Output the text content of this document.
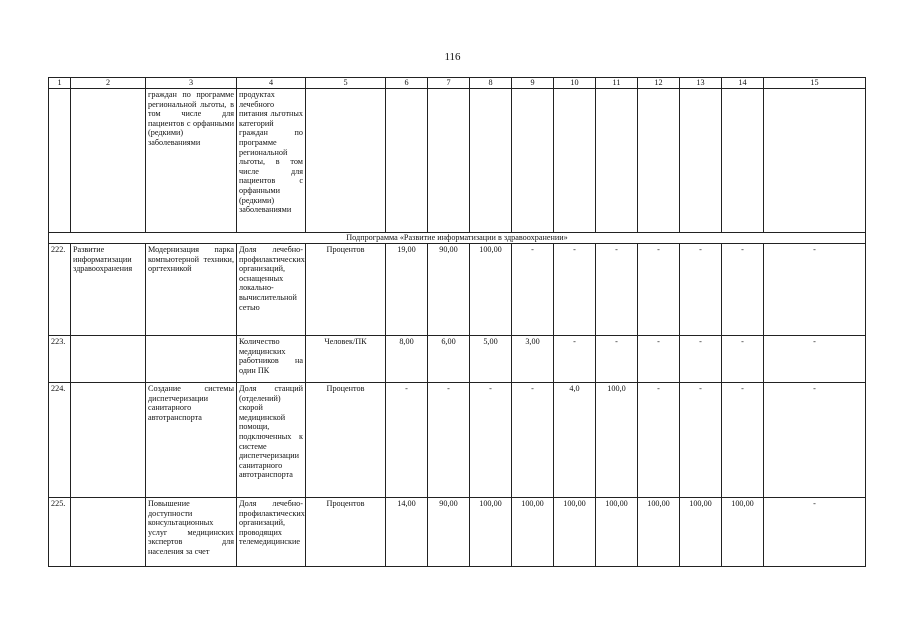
116
1	2	3	4	5	6	7	8	9	10	11	12	13	14	15
		граждан по программе региональной льготы, в том числе для пациентов с орфанными (редкими) заболеваниями	продуктах лечебного питания льготных категорий граждан по программе региональной льготы, в том числе для пациентов с орфанными (редкими) заболеваниями											
Подпрограмма «Развитие информатизации в здравоохранении»														
222.	Развитие информатизации здравоохранения	Модернизация парка компьютерной техники, оргтехникой	Доля лечебно-профилактических организаций, оснащенных локально-вычислительной сетью	Процентов	19,00	90,00	100,00	-	-	-	-	-	-	-
223.			Количество медицинских работников на один ПК	Человек/ПК	8,00	6,00	5,00	3,00	-	-	-	-	-	-
224.		Создание системы диспетчеризации санитарного автотранспорта	Доля станций (отделений) скорой медицинской помощи, подключенных к системе диспетчеризации санитарного автотранспорта	Процентов	-	-	-	-	4,0	100,0	-	-	-	-
225.		Повышение доступности консультационных услуг медицинских экспертов для населения за счет	Доля лечебно-профилактических организаций, проводящих телемедицинские	Процентов	14,00	90,00	100,00	100,00	100,00	100,00	100,00	100,00	100,00	-
